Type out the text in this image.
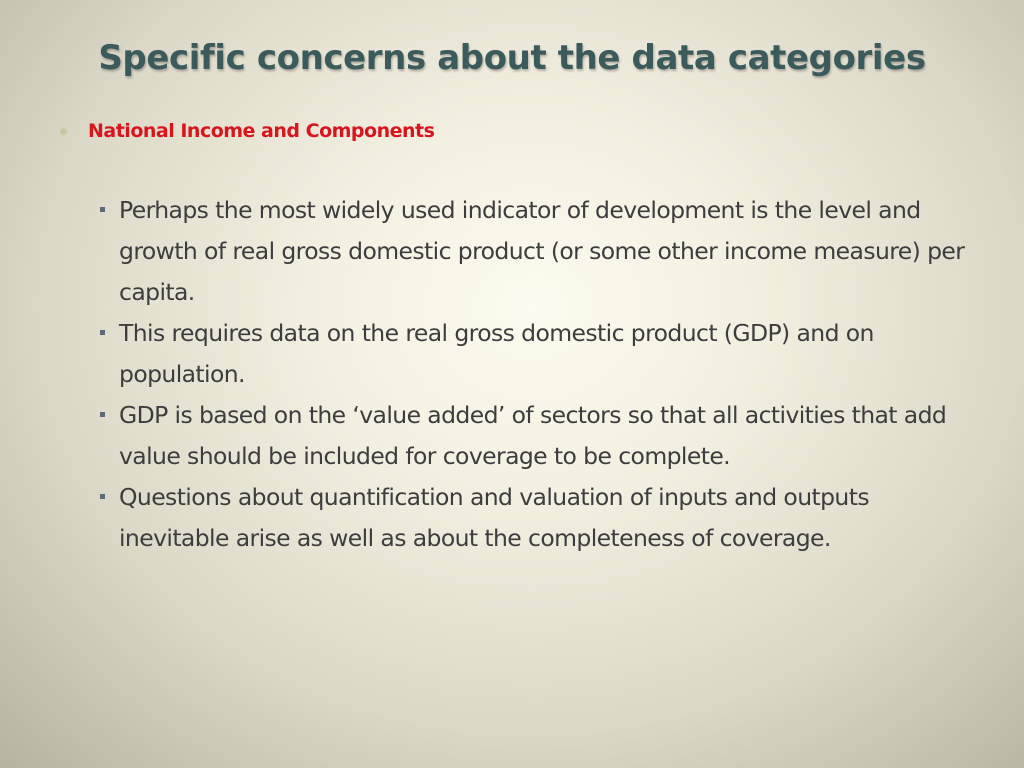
Specific concerns about the data categories
National Income and Components
Perhaps the most widely used indicator of development is the level and growth of real gross domestic product (or some other income measure) per capita.
This requires data on the real gross domestic product (GDP) and on population.
GDP is based on the ‘value added’ of sectors so that all activities that add value should be included for coverage to be complete.
Questions about quantification and valuation of inputs and outputs inevitable arise as well as about the completeness of coverage.
